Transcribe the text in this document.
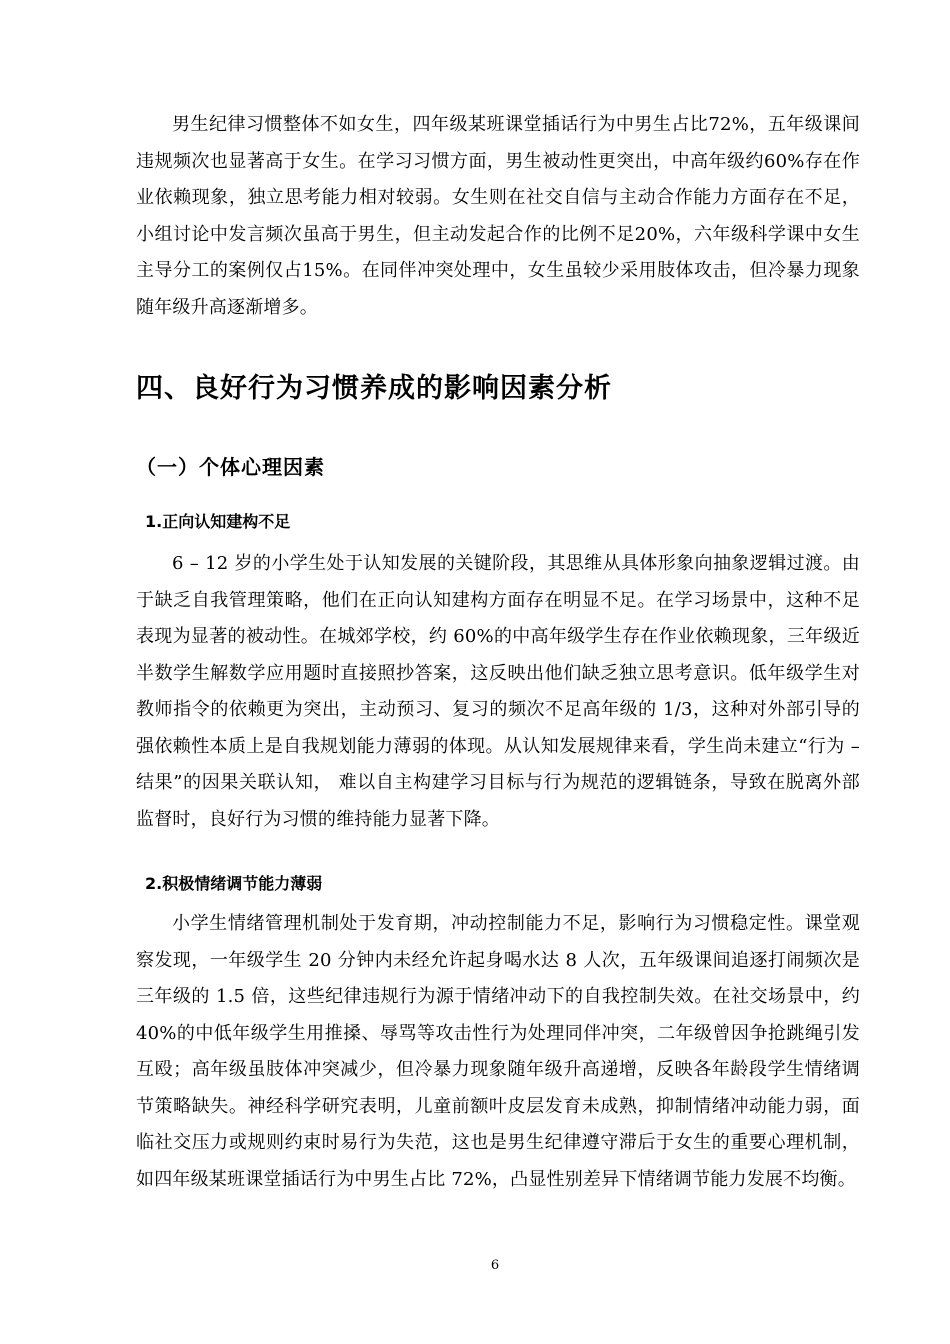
男生纪律习惯整体不如女生，四年级某班课堂插话行为中男生占比72%，五年级课间违规频次也显著高于女生。在学习习惯方面，男生被动性更突出，中高年级约60%存在作业依赖现象，独立思考能力相对较弱。女生则在社交自信与主动合作能力方面存在不足，小组讨论中发言频次虽高于男生，但主动发起合作的比例不足20%，六年级科学课中女生主导分工的案例仅占15%。在同伴冲突处理中，女生虽较少采用肢体攻击，但冷暴力现象随年级升高逐渐增多。

四、良好行为习惯养成的影响因素分析
（一）个体心理因素
1.正向认知建构不足

6 – 12 岁的小学生处于认知发展的关键阶段，其思维从具体形象向抽象逻辑过渡。由于缺乏自我管理策略，他们在正向认知建构方面存在明显不足。在学习场景中，这种不足表现为显著的被动性。在城郊学校，约 60%的中高年级学生存在作业依赖现象，三年级近半数学生解数学应用题时直接照抄答案，这反映出他们缺乏独立思考意识。低年级学生对教师指令的依赖更为突出，主动预习、复习的频次不足高年级的 1/3，这种对外部引导的强依赖性本质上是自我规划能力薄弱的体现。从认知发展规律来看，学生尚未建立“行为 – 结果”的因果关联认知， 难以自主构建学习目标与行为规范的逻辑链条，导致在脱离外部监督时，良好行为习惯的维持能力显著下降。

2.积极情绪调节能力薄弱

小学生情绪管理机制处于发育期，冲动控制能力不足，影响行为习惯稳定性。课堂观察发现，一年级学生 20 分钟内未经允许起身喝水达 8 人次，五年级课间追逐打闹频次是三年级的 1.5 倍，这些纪律违规行为源于情绪冲动下的自我控制失效。在社交场景中，约 40%的中低年级学生用推搡、辱骂等攻击性行为处理同伴冲突，二年级曾因争抢跳绳引发互殴；高年级虽肢体冲突减少，但冷暴力现象随年级升高递增，反映各年龄段学生情绪调节策略缺失。神经科学研究表明，儿童前额叶皮层发育未成熟，抑制情绪冲动能力弱，面临社交压力或规则约束时易行为失范，这也是男生纪律遵守滞后于女生的重要心理机制，如四年级某班课堂插话行为中男生占比 72%，凸显性别差异下情绪调节能力发展不均衡。

6
